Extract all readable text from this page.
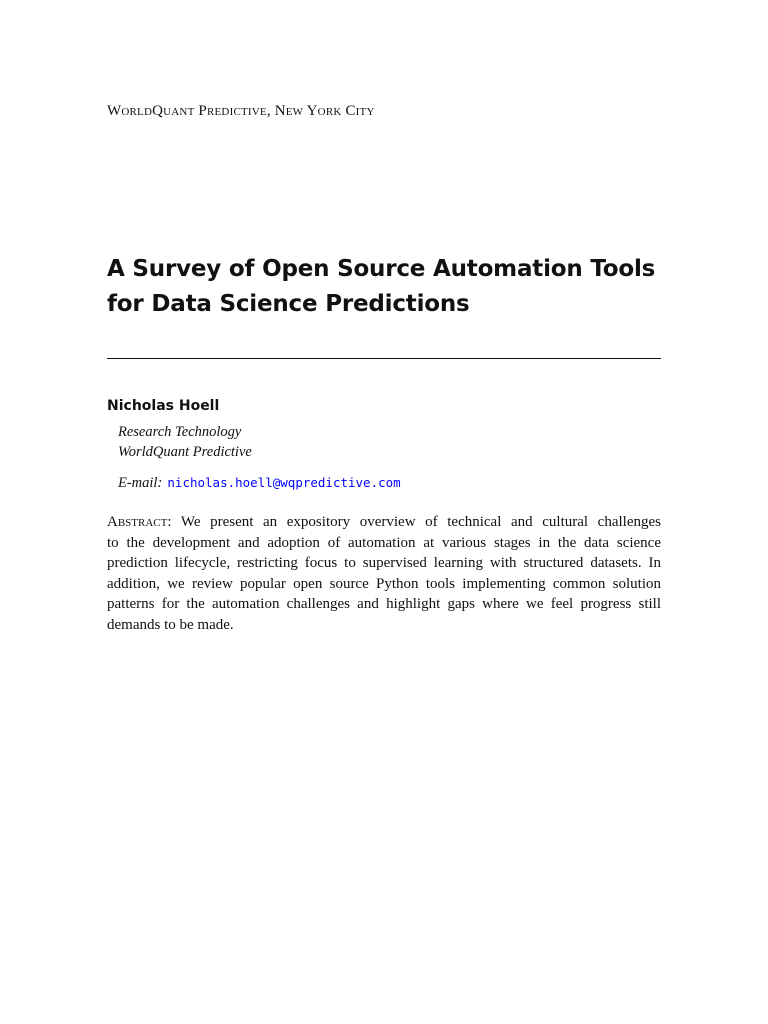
WorldQuant Predictive, New York City
A Survey of Open Source Automation Tools
for Data Science Predictions
Nicholas Hoell
Research Technology
WorldQuant Predictive
E-mail: nicholas.hoell@wqpredictive.com
Abstract: We present an expository overview of technical and cultural challenges
to the development and adoption of automation at various stages in the data science
prediction lifecycle, restricting focus to supervised learning with structured datasets. In
addition, we review popular open source Python tools implementing common solution
patterns for the automation challenges and highlight gaps where we feel progress still
demands to be made.
